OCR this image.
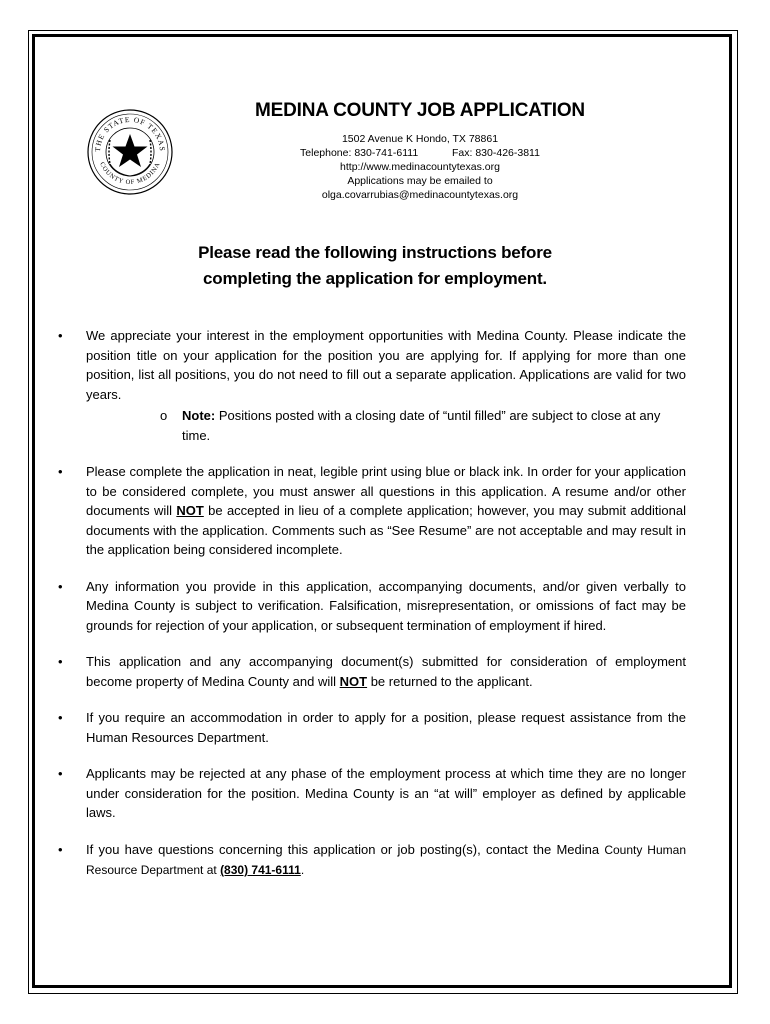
THE STATE OF TEXAS
COUNTY OF MEDINA
MEDINA COUNTY JOB APPLICATION
1502 Avenue K Hondo, TX 78861
Telephone: 830-741-6111	Fax: 830-426-3811
http://www.medinacountytexas.org
Applications may be emailed to
olga.covarrubias@medinacountytexas.org
Please read the following instructions before
completing the application for employment.
• We appreciate your interest in the employment opportunities with Medina County. Please indicate the position title on your application for the position you are applying for. If applying for more than one position, list all positions, you do not need to fill out a separate application. Applications are valid for two years.
o Note: Positions posted with a closing date of “until filled” are subject to close at any time.
• Please complete the application in neat, legible print using blue or black ink. In order for your application to be considered complete, you must answer all questions in this application. A resume and/or other documents will NOT be accepted in lieu of a complete application; however, you may submit additional documents with the application. Comments such as “See Resume” are not acceptable and may result in the application being considered incomplete.
• Any information you provide in this application, accompanying documents, and/or given verbally to Medina County is subject to verification. Falsification, misrepresentation, or omissions of fact may be grounds for rejection of your application, or subsequent termination of employment if hired.
• This application and any accompanying document(s) submitted for consideration of employment become property of Medina County and will NOT be returned to the applicant.
• If you require an accommodation in order to apply for a position, please request assistance from the Human Resources Department.
• Applicants may be rejected at any phase of the employment process at which time they are no longer under consideration for the position. Medina County is an “at will” employer as defined by applicable laws.
• If you have questions concerning this application or job posting(s), contact the Medina County Human Resource Department at (830) 741-6111.
